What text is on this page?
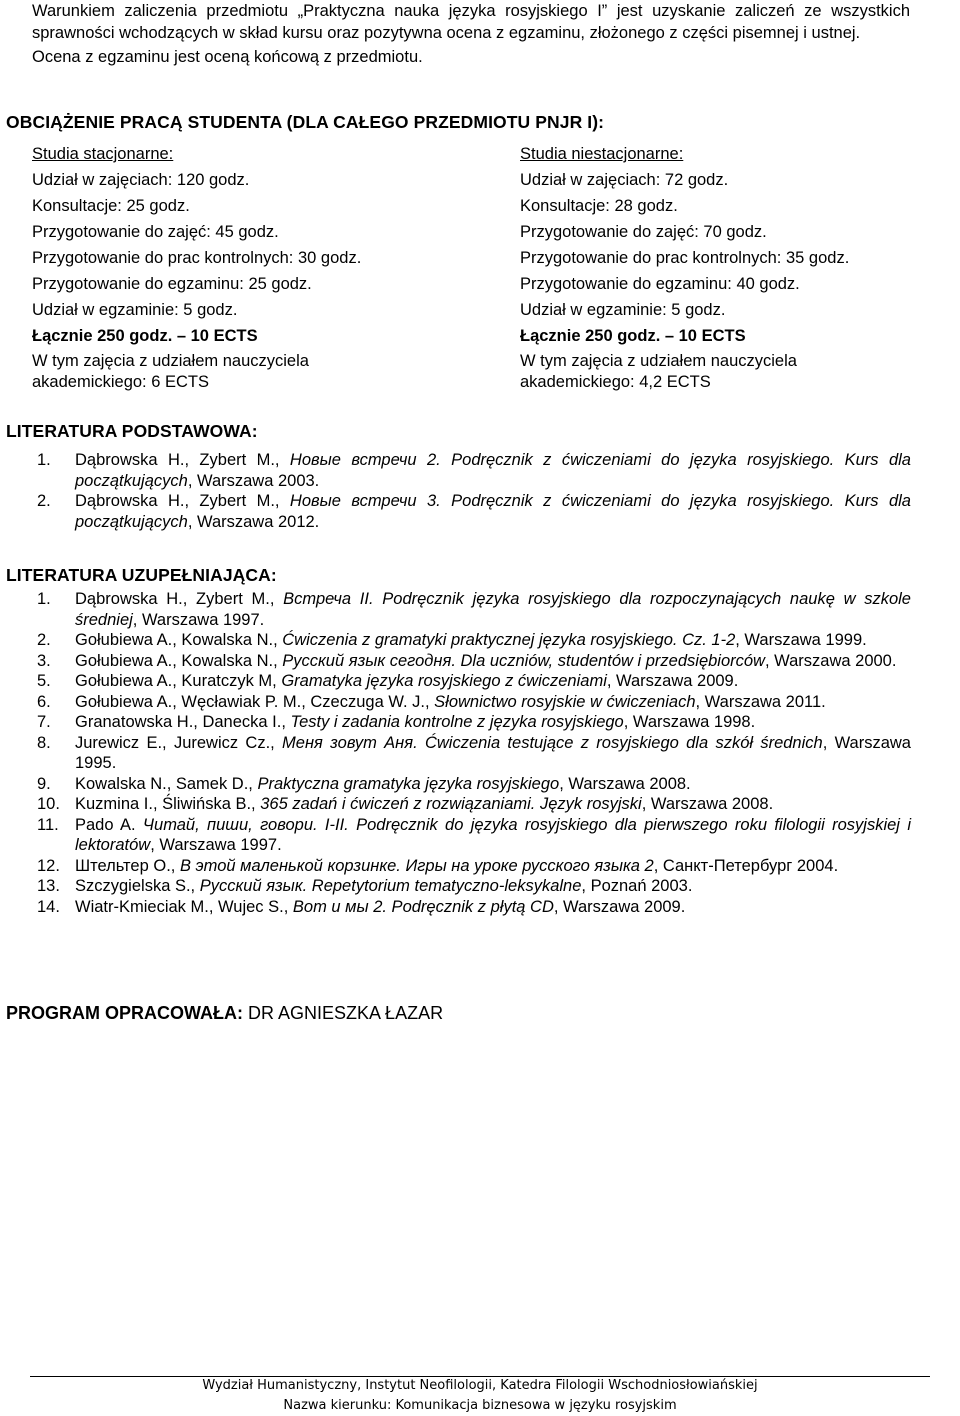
Warunkiem zaliczenia przedmiotu „Praktyczna nauka języka rosyjskiego I” jest uzyskanie zaliczeń ze wszystkich sprawności wchodzących w skład kursu oraz pozytywna ocena z egzaminu, złożonego z części pisemnej i ustnej.

Ocena z egzaminu jest oceną końcową z przedmiotu.

OBCIĄŻENIE PRACĄ STUDENTA (DLA CAŁEGO PRZEDMIOTU PNJR I):
Studia stacjonarne:
Udział w zajęciach: 120 godz.
Konsultacje: 25 godz.
Przygotowanie do zajęć: 45 godz.
Przygotowanie do prac kontrolnych: 30 godz.
Przygotowanie do egzaminu: 25 godz.
Udział w egzaminie: 5 godz.
Łącznie 250 godz. – 10 ECTS
W tym zajęcia z udziałem nauczyciela
akademickiego: 6 ECTS
Studia niestacjonarne:
Udział w zajęciach: 72 godz.
Konsultacje: 28 godz.
Przygotowanie do zajęć: 70 godz.
Przygotowanie do prac kontrolnych: 35 godz.
Przygotowanie do egzaminu: 40 godz.
Udział w egzaminie: 5 godz.
Łącznie 250 godz. – 10 ECTS
W tym zajęcia z udziałem nauczyciela
akademickiego: 4,2 ECTS
LITERATURA PODSTAWOWA:
1.	Dąbrowska H., Zybert M., Новые встречи 2. Podręcznik z ćwiczeniami do języka rosyjskiego. Kurs dla początkujących, Warszawa 2003.
2.	Dąbrowska H., Zybert M., Новые встречи 3. Podręcznik z ćwiczeniami do języka rosyjskiego. Kurs dla początkujących, Warszawa 2012.
LITERATURA UZUPEŁNIAJĄCA:
1.	Dąbrowska H., Zybert M., Встреча II. Podręcznik języka rosyjskiego dla rozpoczynających naukę w szkole średniej, Warszawa 1997.
2.	Gołubiewa A., Kowalska N., Ćwiczenia z gramatyki praktycznej języka rosyjskiego. Cz. 1-2, Warszawa 1999.
3.	Gołubiewa A., Kowalska N., Русский язык сегодня. Dla uczniów, studentów i przedsiębiorców, Warszawa 2000.
5.	Gołubiewa A., Kuratczyk M, Gramatyka języka rosyjskiego z ćwiczeniami, Warszawa 2009.
6.	Gołubiewa A., Węcławiak P. M., Czeczuga W. J., Słownictwo rosyjskie w ćwiczeniach, Warszawa 2011.
7.	Granatowska H., Danecka I., Testy i zadania kontrolne z języka rosyjskiego, Warszawa 1998.
8.	Jurewicz E., Jurewicz Cz., Меня зовут Аня. Ćwiczenia testujące z rosyjskiego dla szkół średnich, Warszawa 1995.
9.	Kowalska N., Samek D., Praktyczna gramatyka języka rosyjskiego, Warszawa 2008.
10. Kuzmina I., Śliwińska B., 365 zadań i ćwiczeń z rozwiązaniami. Język rosyjski, Warszawa 2008.
11. Pado A. Читай, пиши, говори. I-II. Podręcznik do języka rosyjskiego dla pierwszego roku filologii rosyjskiej i lektoratów, Warszawa 1997.
12. Штельтер О., В этой маленькой корзинке. Игры на уроке русского языка 2, Санкт-Петербург 2004.
13. Szczygielska S., Русский язык. Repetytorium tematyczno-leksykalne, Poznań 2003.
14. Wiatr-Kmieciak M., Wujec S., Вот и мы 2. Podręcznik z płytą CD, Warszawa 2009.
PROGRAM OPRACOWAŁA: DR AGNIESZKA ŁAZAR
Wydział Humanistyczny, Instytut Neofilologii, Katedra Filologii Wschodniosłowiańskiej
Nazwa kierunku: Komunikacja biznesowa w języku rosyjskim
